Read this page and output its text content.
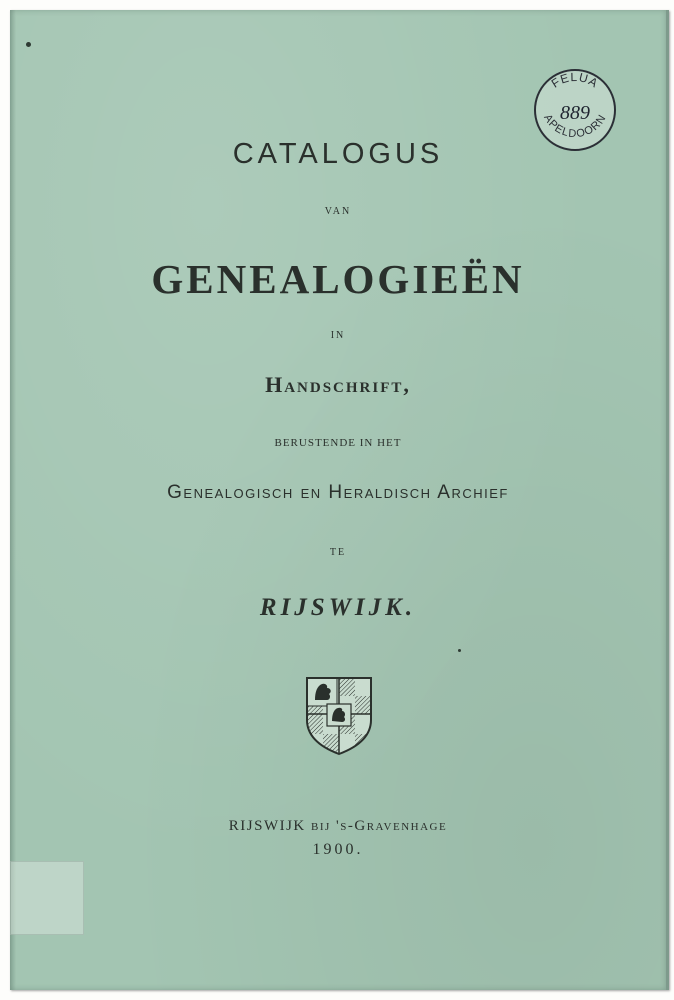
FELUA
APELDOORN
889

CATALOGUS

VAN

GENEALOGIEËN

IN

Handschrift,

BERUSTENDE IN HET

Genealogisch en Heraldisch Archief

TE

RIJSWIJK.

RIJSWIJK bij 's-Gravenhage

1900.
